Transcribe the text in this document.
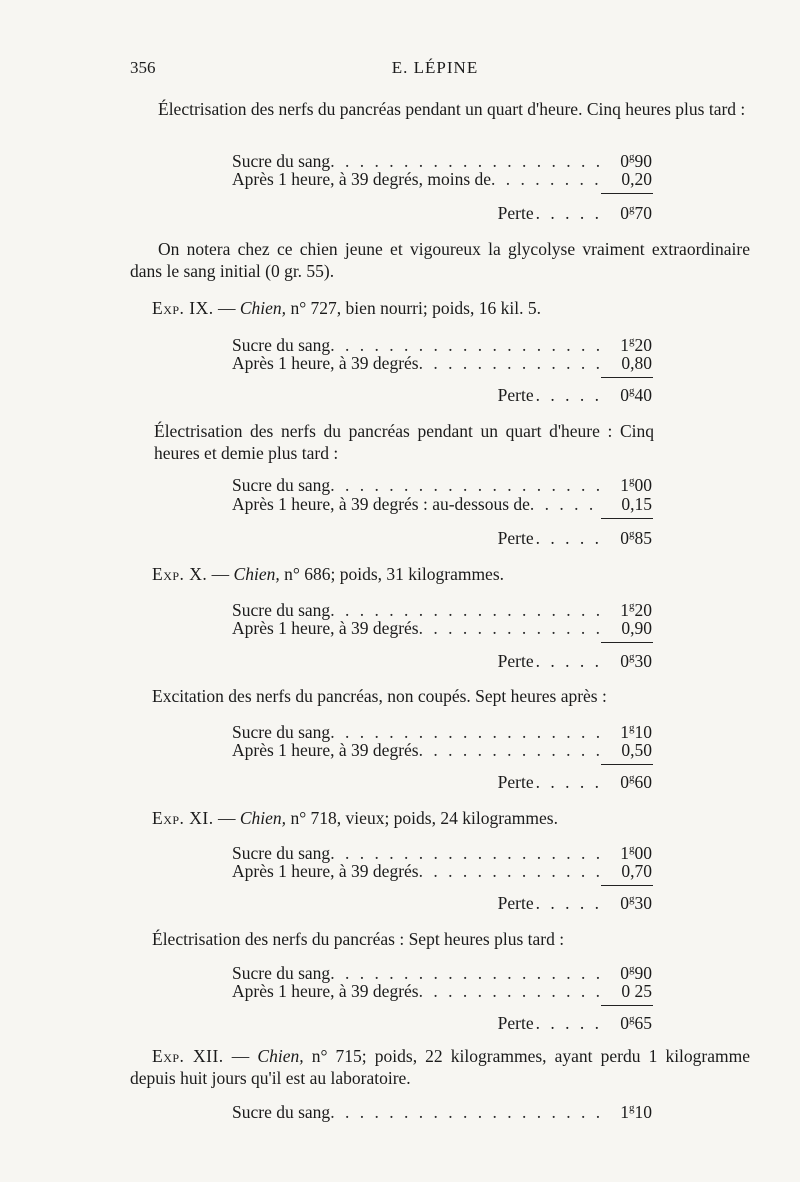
356	E. LÉPINE
Électrisation des nerfs du pancréas pendant un quart d'heure. Cinq heures plus tard :
Sucre du sang . . .	0$^g$90
Après 1 heure, à 39 degrés, moins de . . .	0,20
Perte . . . . .	0$^g$70
On notera chez ce chien jeune et vigoureux la glycolyse vraiment extraordinaire dans le sang initial (0 gr. 55).
Exp. IX. — Chien, n° 727, bien nourri; poids, 16 kil. 5.
Sucre du sang . . .	1$^g$20
Après 1 heure, à 39 degrés . . .	0,80
Perte . . . . .	0$^g$40
Électrisation des nerfs du pancréas pendant un quart d'heure : Cinq heures et demie plus tard :
Sucre du sang . . .	1$^g$00
Après 1 heure, à 39 degrés : au-dessous de . . .	0,15
Perte . . . . .	0$^g$85
Exp. X. — Chien, n° 686; poids, 31 kilogrammes.
Sucre du sang . . .	1$^g$20
Après 1 heure, à 39 degrés . . .	0,90
Perte . . . . .	0$^g$30
Excitation des nerfs du pancréas, non coupés. Sept heures après :
Sucre du sang . . .	1$^g$10
Après 1 heure, à 39 degrés . . .	0,50
Perte . . . . .	0$^g$60
Exp. XI. — Chien, n° 718, vieux; poids, 24 kilogrammes.
Sucre du sang . . .	1$^g$00
Après 1 heure, à 39 degrés . . .	0,70
Perte . . . . .	0$^g$30
Électrisation des nerfs du pancréas : Sept heures plus tard :
Sucre du sang . . .	0$^g$90
Après 1 heure, à 39 degrés . . .	0 25
Perte . . . . .	0$^g$65
Exp. XII. — Chien, n° 715; poids, 22 kilogrammes, ayant perdu 1 kilogramme depuis huit jours qu'il est au laboratoire.
Sucre du sang . . .	1$^g$10
